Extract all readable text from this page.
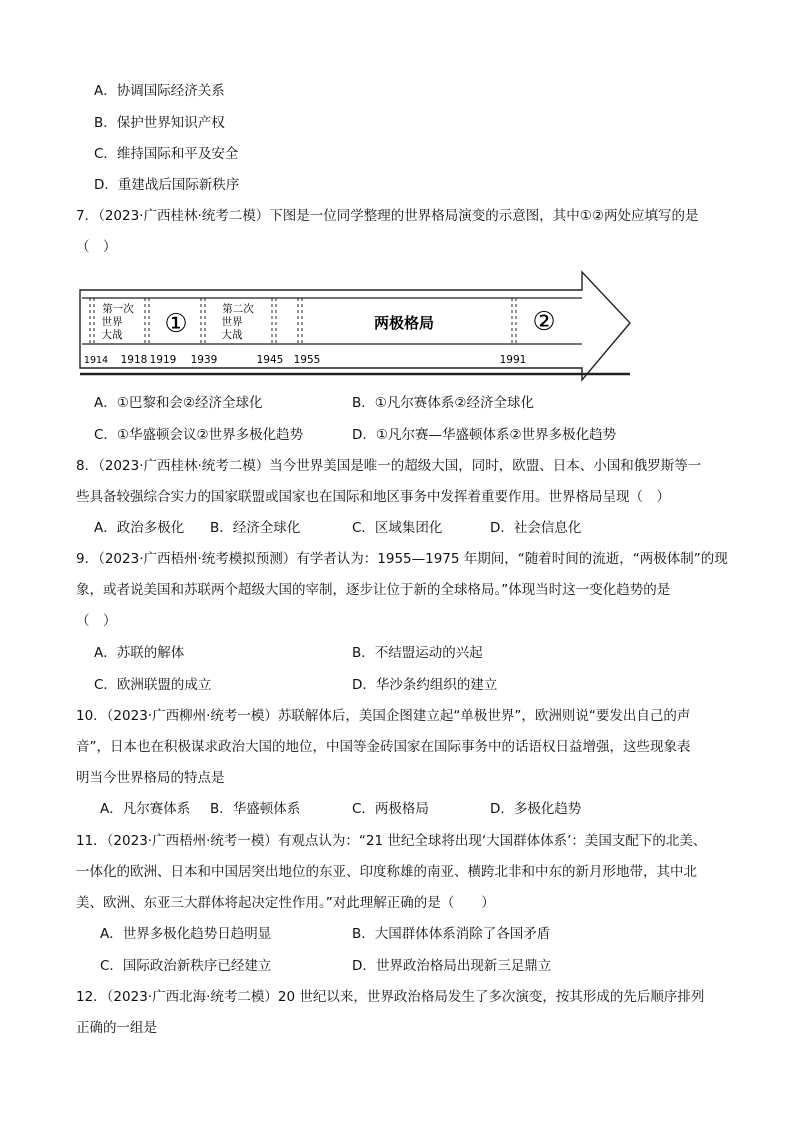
A．协调国际经济关系
B．保护世界知识产权
C．维持国际和平及安全
D．重建战后国际新秩序
7．（2023·广西桂林·统考二模）下图是一位同学整理的世界格局演变的示意图，其中①②两处应填写的是
（　）
第一次
世界
大战 ①	第二次
世界
大战
两极格局	②
1914 1918 1919 1939	1945 1955	1991
A．①巴黎和会②经济全球化	B．①凡尔赛体系②经济全球化
C．①华盛顿会议②世界多极化趋势	D．①凡尔赛—华盛顿体系②世界多极化趋势
8．（2023·广西桂林·统考二模）当今世界美国是唯一的超级大国，同时，欧盟、日本、小国和俄罗斯等一
些具备较强综合实力的国家联盟或国家也在国际和地区事务中发挥着重要作用。世界格局呈现（　）
A．政治多极化 B．经济全球化	C．区域集团化	D．社会信息化
9．（2023·广西梧州·统考模拟预测）有学者认为：1955—1975 年期间，“随着时间的流逝，“两极体制”的现
象，或者说美国和苏联两个超级大国的宰制，逐步让位于新的全球格局。”体现当时这一变化趋势的是
（　）
A．苏联的解体	B．不结盟运动的兴起
C．欧洲联盟的成立	D．华沙条约组织的建立
10．（2023·广西柳州·统考一模）苏联解体后，美国企图建立起“单极世界”，欧洲则说“要发出自己的声
音”，日本也在积极谋求政治大国的地位，中国等金砖国家在国际事务中的话语权日益增强，这些现象表
明当今世界格局的特点是
A．凡尔赛体系 B．华盛顿体系	C．两极格局	D．多极化趋势
11．（2023·广西梧州·统考一模）有观点认为：“21 世纪全球将出现‘大国群体体系’：美国支配下的北美、
一体化的欧洲、日本和中国居突出地位的东亚、印度称雄的南亚、横跨北非和中东的新月形地带，其中北
美、欧洲、东亚三大群体将起决定性作用。”对此理解正确的是（　　）
A．世界多极化趋势日趋明显	B．大国群体体系消除了各国矛盾
C．国际政治新秩序已经建立	D．世界政治格局出现新三足鼎立
12．（2023·广西北海·统考二模）20 世纪以来，世界政治格局发生了多次演变，按其形成的先后顺序排列
正确的一组是
